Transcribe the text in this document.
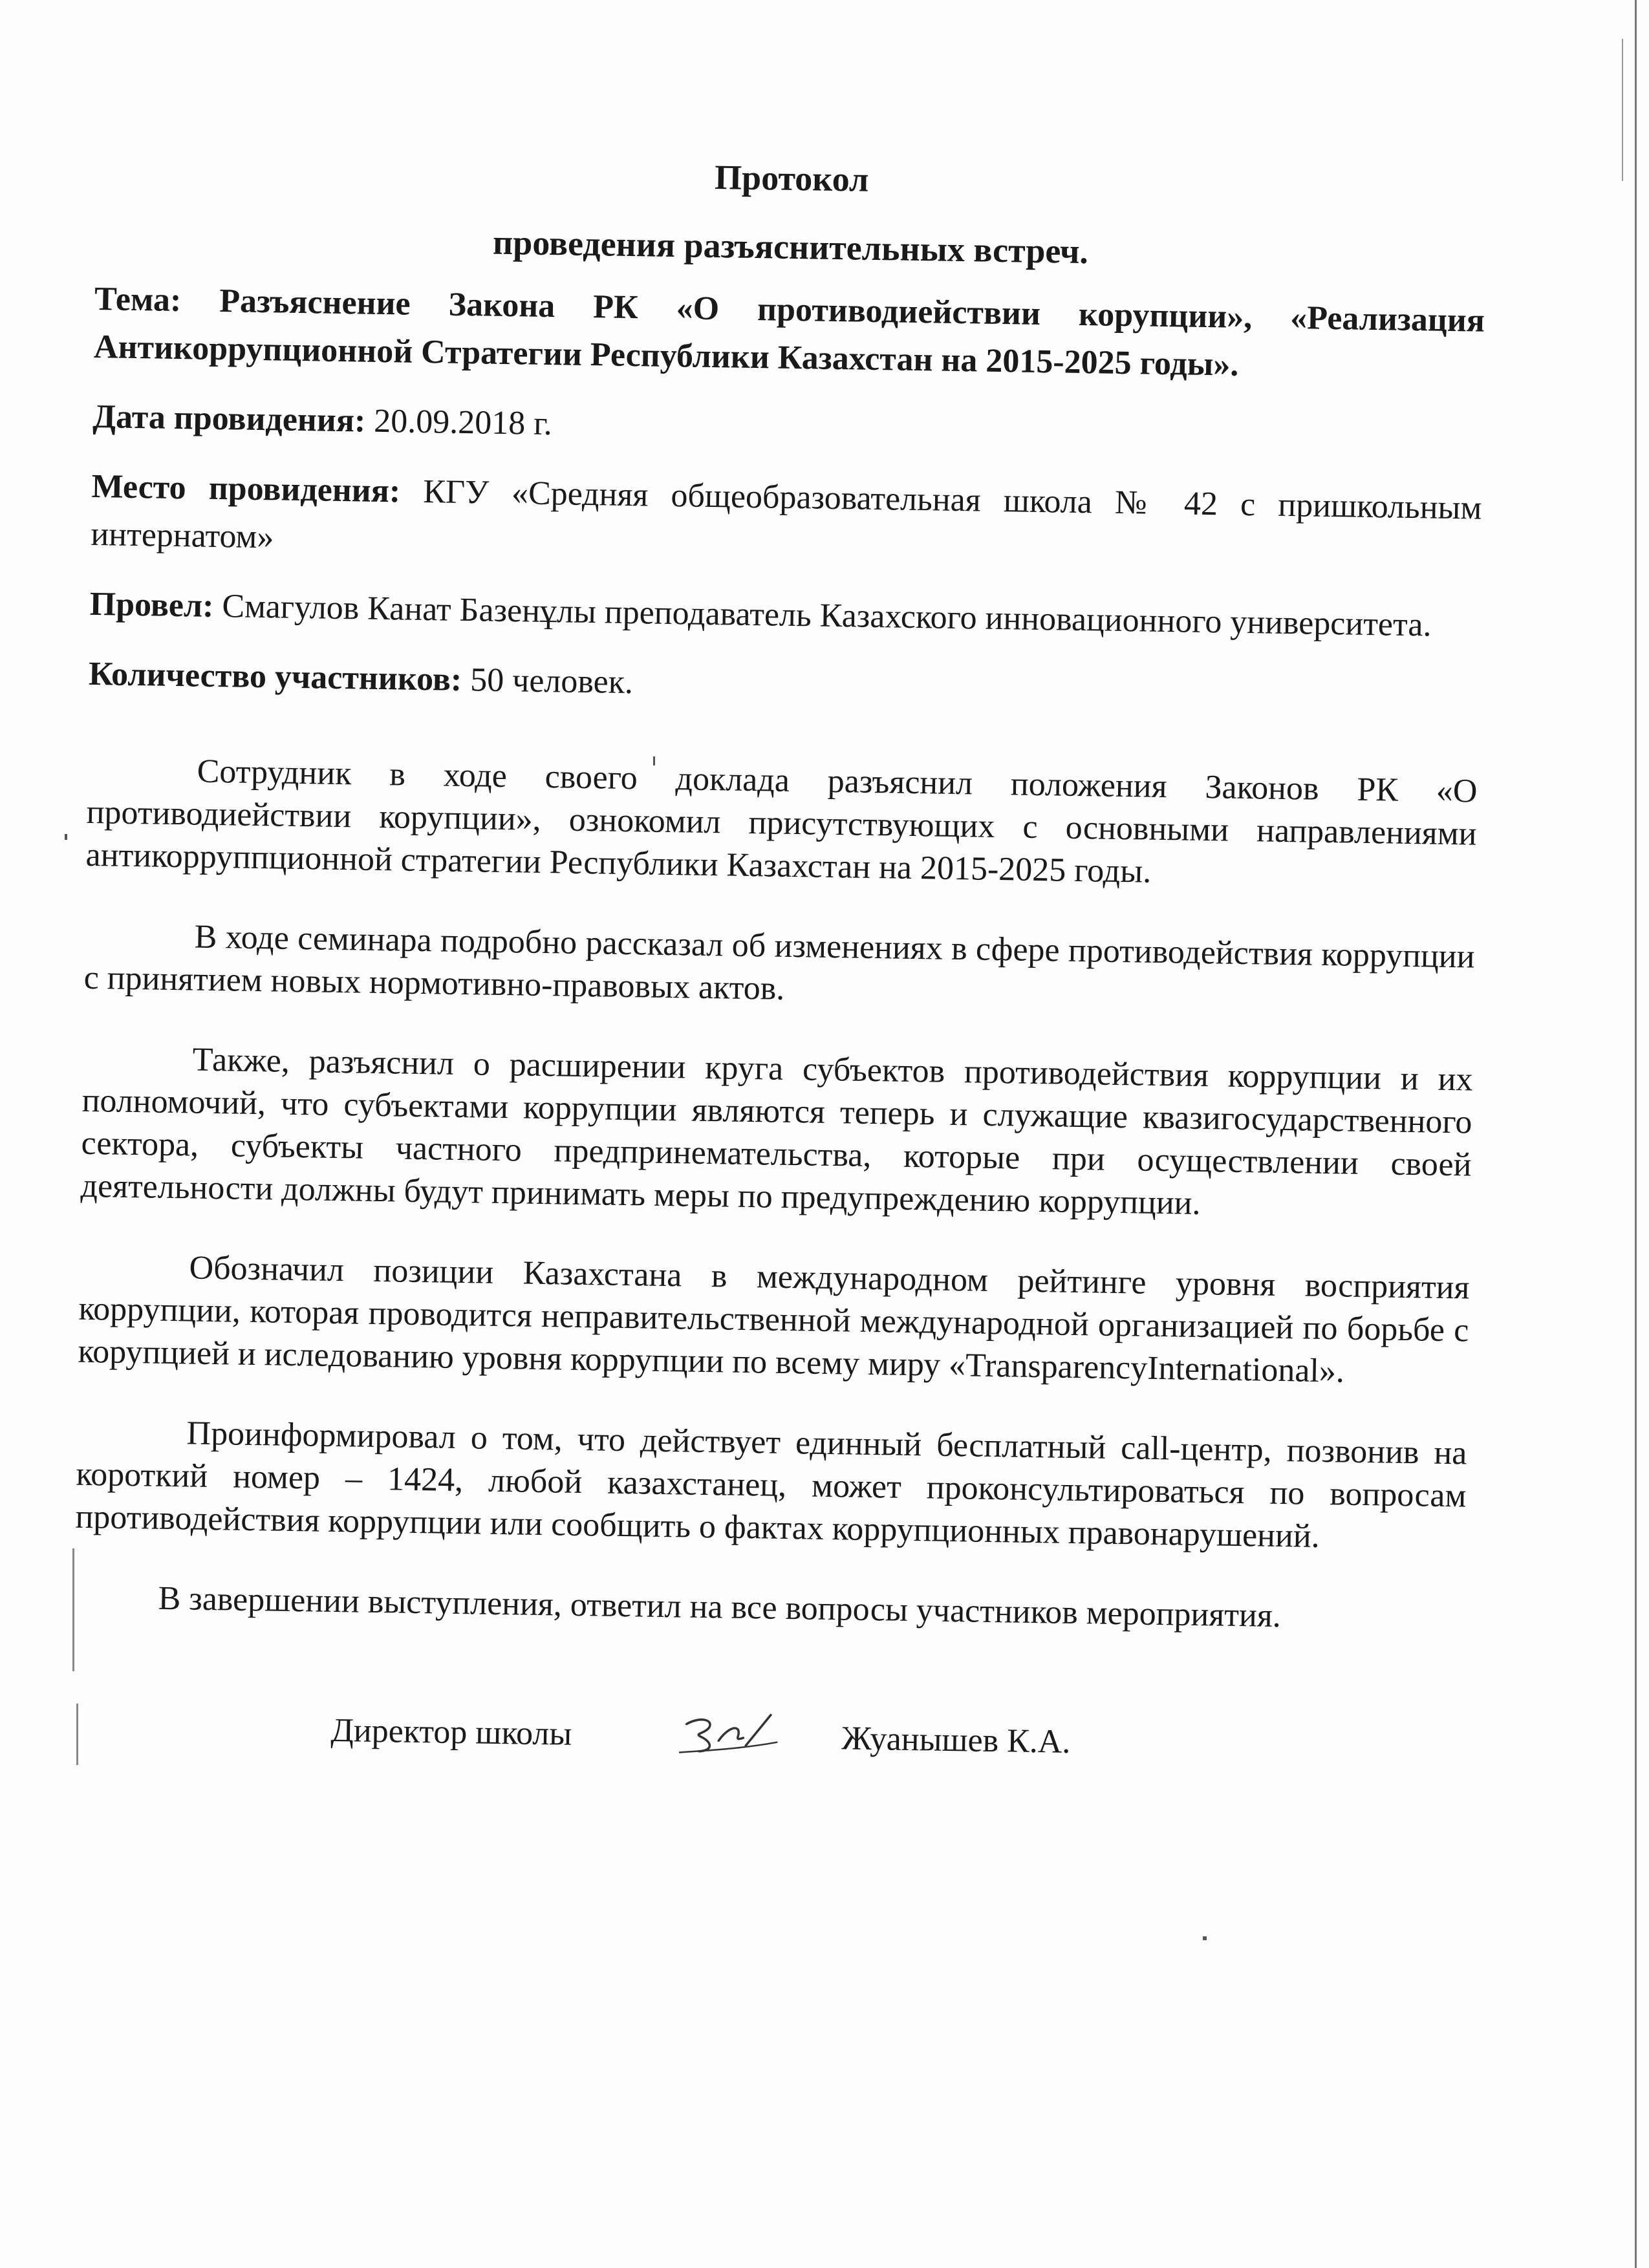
Протокол
проведения разъяснительных встреч.

Тема: Разъяснение Закона РК «О противодиействии корупции», «Реализация Антикоррупционной Стратегии Республики Казахстан на 2015-2025 годы».

Дата провидения: 20.09.2018 г.

Место провидения: КГУ «Средняя общеобразовательная школа № 42 с пришкольным интернатом»

Провел: Смагулов Канат Базенұлы преподаватель Казахского инновационного университета.

Количество участников: 50 человек.

Сотрудник в ходе своего доклада разъяснил положения Законов РК «О противодиействии корупции», ознокомил присутствующих с основными направлениями антикорруппционной стратегии Республики Казахстан на 2015-2025 годы.

В ходе семинара подробно рассказал об изменениях в сфере противодействия коррупции с принятием новых нормотивно-правовых актов.

Также, разъяснил о расширении круга субъектов противодействия коррупции и их полномочий, что субъектами коррупции являются теперь и служащие квазигосударственного сектора, субъекты частного предпринемательства, которые при осуществлении своей деятельности должны будут принимать меры по предупреждению коррупции.

Обозначил позиции Казахстана в международном рейтинге уровня восприятия коррупции, которая проводится неправительственной международной организацией по борьбе с корупцией и иследованию уровня коррупции по всему миру «TransparencyInternational».

Проинформировал о том, что действует единный бесплатный call-центр, позвонив на короткий номер – 1424, любой казахстанец, может проконсультироваться по вопросам противодействия коррупции или сообщить о фактах коррупционных правонарушений.

В завершении выступления, ответил на все вопросы участников мероприятия.

Директор школы	Жуанышев К.А.
